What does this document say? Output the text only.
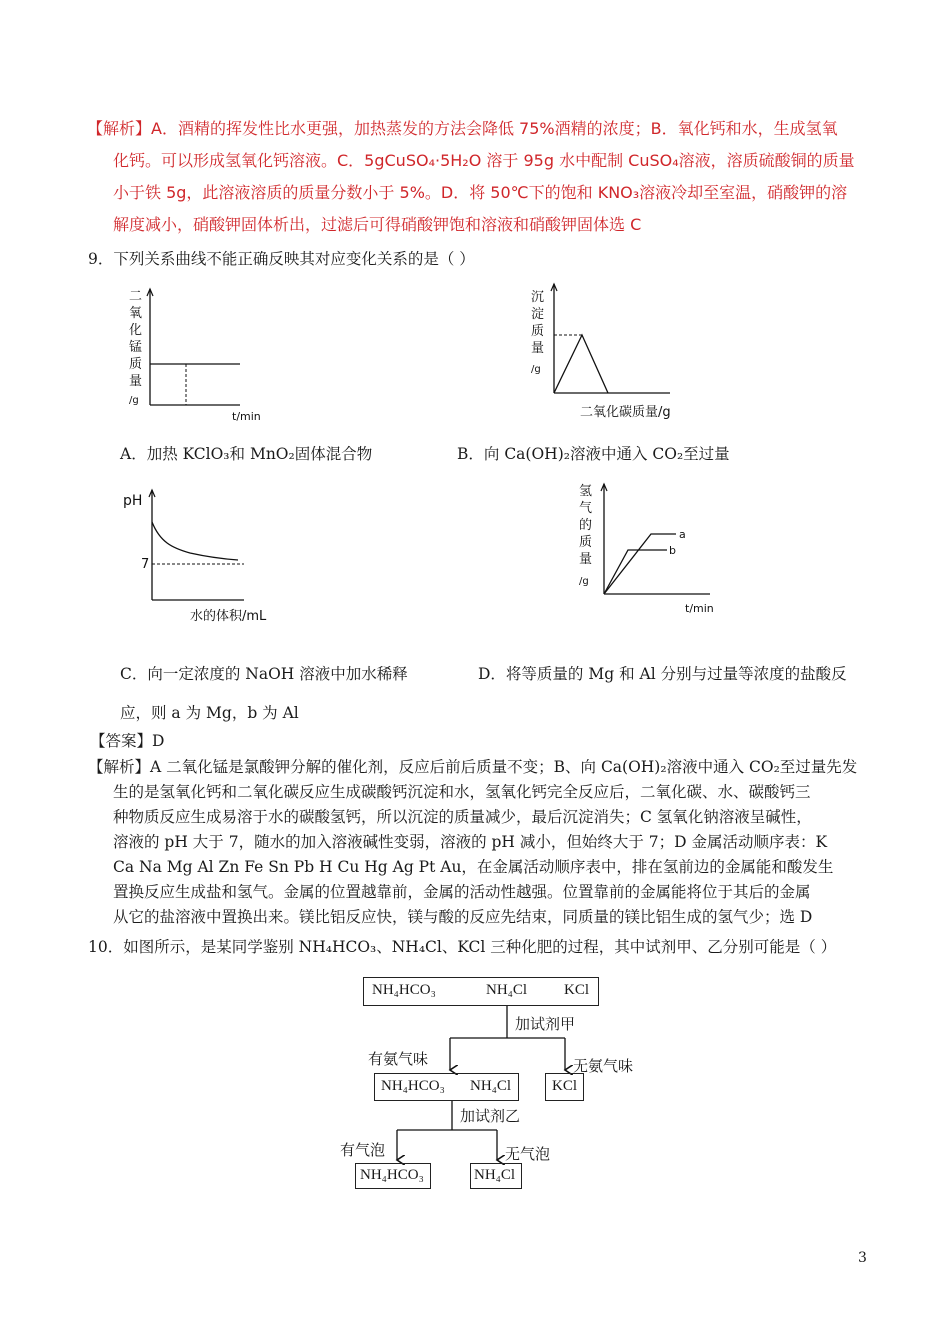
【解析】A．酒精的挥发性比水更强，加热蒸发的方法会降低 75%酒精的浓度；B．氧化钙和水，生成氢氧
化钙。可以形成氢氧化钙溶液。C．5gCuSO₄·5H₂O 溶于 95g 水中配制 CuSO₄溶液，溶质硫酸铜的质量
小于铁 5g，此溶液溶质的质量分数小于 5%。D．将 50℃下的饱和 KNO₃溶液冷却至室温，硝酸钾的溶
解度减小，硝酸钾固体析出，过滤后可得硝酸钾饱和溶液和硝酸钾固体选 C
9．下列关系曲线不能正确反映其对应变化关系的是（ ）
二
氧
化
锰
质
量
/g
t/min
A．加热 KClO₃和 MnO₂固体混合物
沉
淀
质
量
/g
二氧化碳质量/g
B．向 Ca(OH)₂溶液中通入 CO₂至过量
pH
7
水的体积/mL
C．向一定浓度的 NaOH 溶液中加水稀释
氢
气
的
质
量
/g
a
b
t/min
D．将等质量的 Mg 和 Al 分别与过量等浓度的盐酸反
应，则 a 为 Mg，b 为 Al
【答案】D
【解析】A 二氧化锰是氯酸钾分解的催化剂，反应后前后质量不变；B、向 Ca(OH)₂溶液中通入 CO₂至过量先发
生的是氢氧化钙和二氧化碳反应生成碳酸钙沉淀和水，氢氧化钙完全反应后，二氧化碳、水、碳酸钙三
种物质反应生成易溶于水的碳酸氢钙，所以沉淀的质量减少，最后沉淀消失；C 氢氧化钠溶液呈碱性，
溶液的 pH 大于 7，随水的加入溶液碱性变弱，溶液的 pH 减小，但始终大于 7；D 金属活动顺序表：K
Ca Na Mg Al Zn Fe Sn Pb H Cu Hg Ag Pt Au，在金属活动顺序表中，排在氢前边的金属能和酸发生
置换反应生成盐和氢气。金属的位置越靠前，金属的活动性越强。位置靠前的金属能将位于其后的金属
从它的盐溶液中置换出来。镁比铝反应快，镁与酸的反应先结束，同质量的镁比铝生成的氢气少；选 D
10．如图所示，是某同学鉴别 NH₄HCO₃、NH₄Cl、KCl 三种化肥的过程，其中试剂甲、乙分别可能是（ ）
NH₄HCO₃	NH₄Cl KCl
加试剂甲
有氨气味	无氨气味
NH₄HCO₃ NH₄Cl	KCl
加试剂乙
有气泡	无气泡
NH₄HCO₃	NH₄Cl
3
